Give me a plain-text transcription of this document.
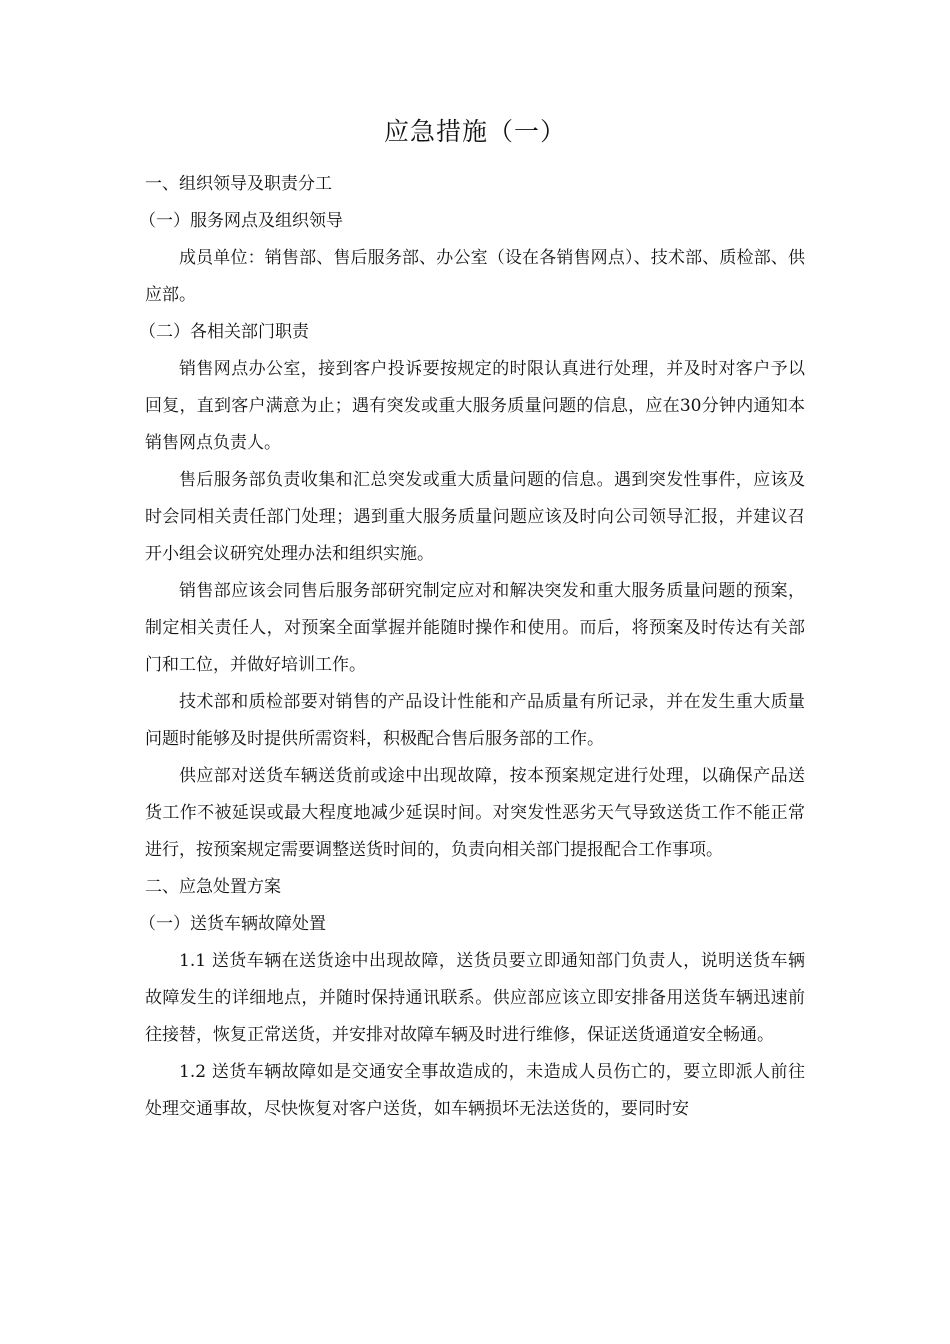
应急措施（一）
一、组织领导及职责分工
（一）服务网点及组织领导
成员单位：销售部、售后服务部、办公室（设在各销售网点）、技术部、质检部、供应部。
（二）各相关部门职责
销售网点办公室，接到客户投诉要按规定的时限认真进行处理，并及时对客户予以回复，直到客户满意为止；遇有突发或重大服务质量问题的信息，应在30分钟内通知本销售网点负责人。
售后服务部负责收集和汇总突发或重大质量问题的信息。遇到突发性事件，应该及时会同相关责任部门处理；遇到重大服务质量问题应该及时向公司领导汇报，并建议召开小组会议研究处理办法和组织实施。
销售部应该会同售后服务部研究制定应对和解决突发和重大服务质量问题的预案，制定相关责任人，对预案全面掌握并能随时操作和使用。而后，将预案及时传达有关部门和工位，并做好培训工作。
技术部和质检部要对销售的产品设计性能和产品质量有所记录，并在发生重大质量问题时能够及时提供所需资料，积极配合售后服务部的工作。
供应部对送货车辆送货前或途中出现故障，按本预案规定进行处理，以确保产品送货工作不被延误或最大程度地减少延误时间。对突发性恶劣天气导致送货工作不能正常进行，按预案规定需要调整送货时间的，负责向相关部门提报配合工作事项。
二、应急处置方案
（一）送货车辆故障处置
1.1 送货车辆在送货途中出现故障，送货员要立即通知部门负责人，说明送货车辆故障发生的详细地点，并随时保持通讯联系。供应部应该立即安排备用送货车辆迅速前往接替，恢复正常送货，并安排对故障车辆及时进行维修，保证送货通道安全畅通。
1.2 送货车辆故障如是交通安全事故造成的，未造成人员伤亡的，要立即派人前往处理交通事故，尽快恢复对客户送货，如车辆损坏无法送货的，要同时安
